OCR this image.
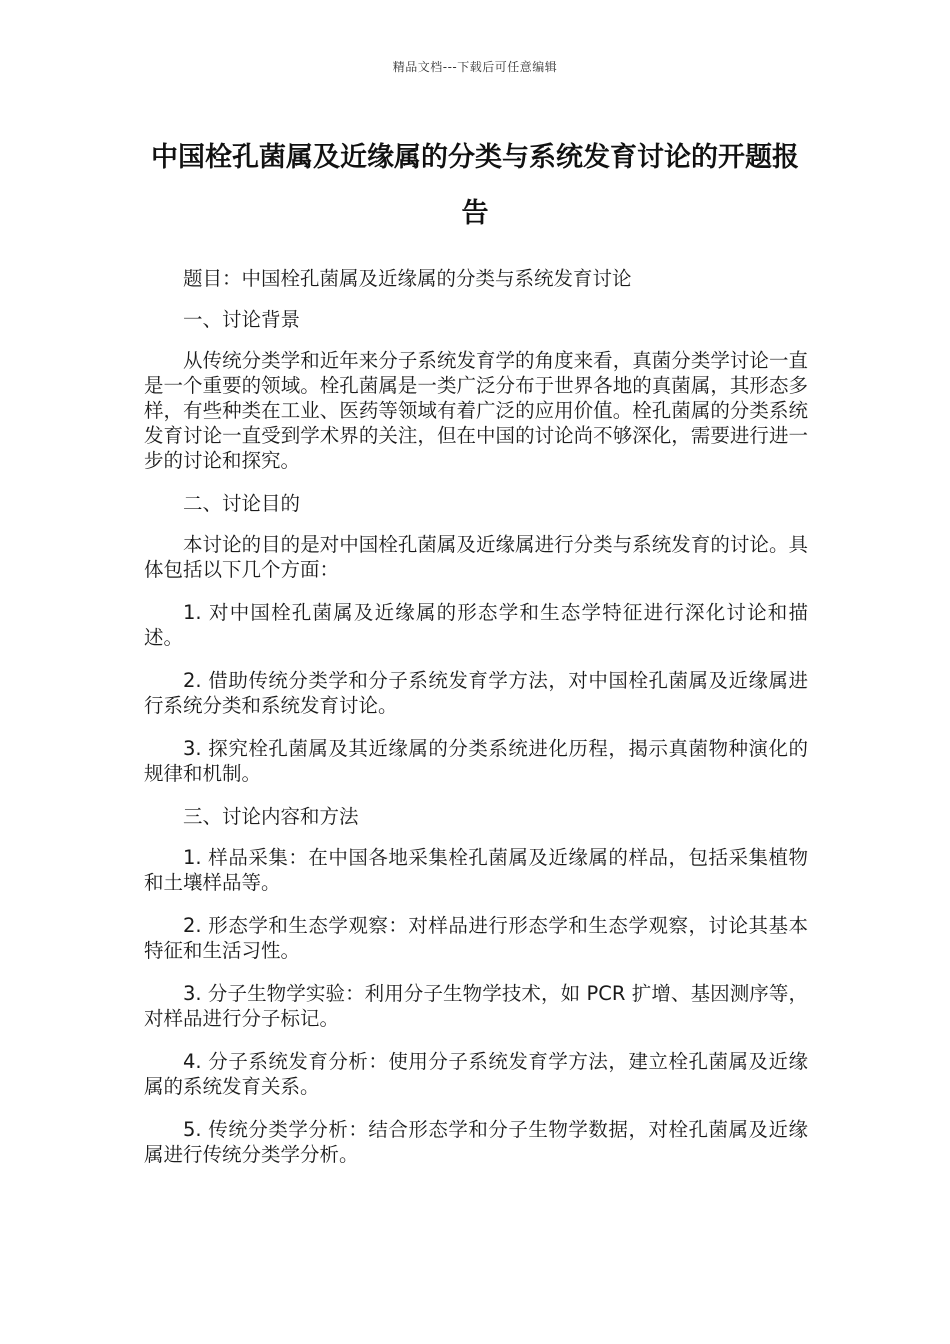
精品文档---下载后可任意编辑
中国栓孔菌属及近缘属的分类与系统发育讨论的开题报告

题目：中国栓孔菌属及近缘属的分类与系统发育讨论

一、讨论背景

从传统分类学和近年来分子系统发育学的角度来看，真菌分类学讨论一直是一个重要的领域。栓孔菌属是一类广泛分布于世界各地的真菌属，其形态多样，有些种类在工业、医药等领域有着广泛的应用价值。栓孔菌属的分类系统发育讨论一直受到学术界的关注，但在中国的讨论尚不够深化，需要进行进一步的讨论和探究。

二、讨论目的

本讨论的目的是对中国栓孔菌属及近缘属进行分类与系统发育的讨论。具体包括以下几个方面：

1. 对中国栓孔菌属及近缘属的形态学和生态学特征进行深化讨论和描述。

2. 借助传统分类学和分子系统发育学方法，对中国栓孔菌属及近缘属进行系统分类和系统发育讨论。

3. 探究栓孔菌属及其近缘属的分类系统进化历程，揭示真菌物种演化的规律和机制。

三、讨论内容和方法

1. 样品采集：在中国各地采集栓孔菌属及近缘属的样品，包括采集植物和土壤样品等。

2. 形态学和生态学观察：对样品进行形态学和生态学观察，讨论其基本特征和生活习性。

3. 分子生物学实验：利用分子生物学技术，如 PCR 扩增、基因测序等，对样品进行分子标记。

4. 分子系统发育分析：使用分子系统发育学方法，建立栓孔菌属及近缘属的系统发育关系。

5. 传统分类学分析：结合形态学和分子生物学数据，对栓孔菌属及近缘属进行传统分类学分析。
